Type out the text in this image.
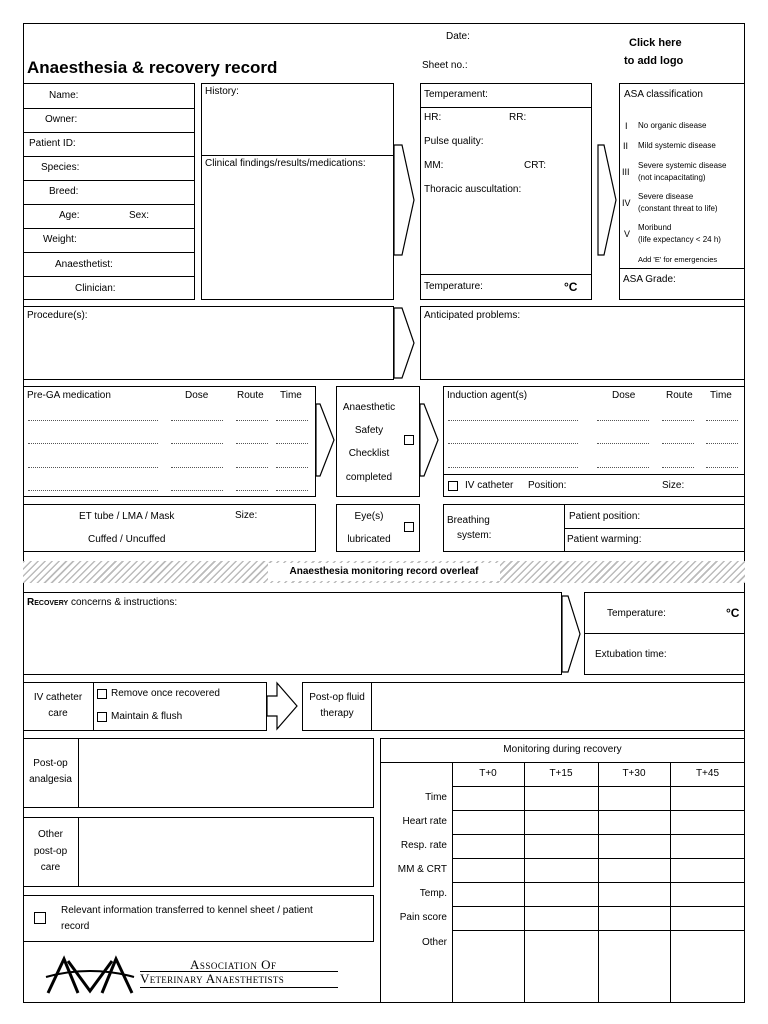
Date:
Anaesthesia & recovery record	Sheet no.:
Click here
to add logo
Name:
Owner:
Patient ID:
Species:
Breed:
Age:	Sex:
Weight:
Anaesthetist:
Clinician:
History:
Clinical findings/results/medications:
Temperament:
HR:	RR:
Pulse quality:
MM:	CRT:
Thoracic auscultation:
Temperature:	°C
ASA classification
I No organic disease
II Mild systemic disease
III
Severe systemic disease
(not incapacitating)
IV
Severe disease
(constant threat to life)
V
Moribund
(life expectancy < 24 h)
Add 'E' for emergencies
ASA Grade:
Procedure(s):	Anticipated problems:
Pre-GA medication	Dose	Route Time
Anaesthetic
Safety
Checklist
completed
Induction agent(s)	Dose	Route Time
IV catheter Position:	Size:
ET tube / LMA / Mask	Size:
Cuffed / Uncuffed
Eye(s)
lubricated
Breathing
system:
Patient position:
Patient warming:
Anaesthesia monitoring record overleaf
Recovery concerns & instructions:
Temperature:	°C
Extubation time:
IV catheter
care
Remove once recovered
Maintain & flush
Post-op fluid
therapy
Post-op
analgesia
Other
post-op
care
Relevant information transferred to kennel sheet / patient
record
Association Of
Veterinary Anaesthetists
Monitoring during recovery
T+0	T+15	T+30	T+45
Time
Heart rate
Resp. rate
MM & CRT
Temp.
Pain score
Other
